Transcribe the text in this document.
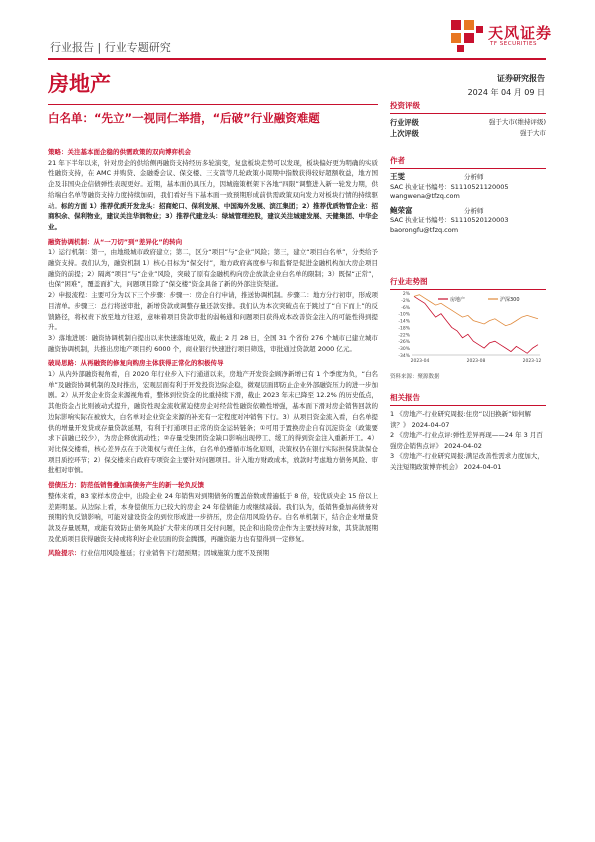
天风证券
TF SECURITIES
行业报告 | 行业专题研究
房地产	证券研究报告
2024 年 04 月 09 日
白名单：“先立”一视同仁举措，“后破”行业融资难题

策略：关注基本面企稳的供需政策的双向博弈机会
21 年下半年以来，针对房企的供给侧再融资支持经历多轮演变，复盘板块走势可以发现，板块偏好更为明确的实质性融资支持，在 AMC 并购贷、金融委会议、保交楼、三支箭等几轮政策小周期中指数获得较好超额收益，地方国企及非国央企信债弹性表现更好。近期，基本面仍具压力，因城施策框架下各地“四限”调整进入新一轮发力期，供给端白名单等融资支持力度持续加码，我们看好当下基本面一致预期形成前供需政策双向发力对板块行情的持续驱动。标的方面 1）推荐优质开发龙头：招商蛇口、保利发展、中国海外发展、滨江集团；2）推荐优质物管企业：招商积余、保利物业，建议关注华润物业；3）推荐代建龙头：绿城管理控股，建议关注城建发展、天健集团、中华企业。

融资协调机制：从“一刀切”到“差异化”的转向
1）运行机制：第一，由地级城市政府建立；第二，区分“项目”与“企业”风险；第三，建立“项目白名单”，分类给予融资支持。我们认为，融资机制 1）核心目标为“保交付”，地方政府高度参与和监督是促进金融机构加大房企项目融资的前提；2）隔离“项目”与“企业”风险，突破了原有金融机构向房企放款企业白名单的限制；3）既保“正常”，也保“困难”，覆盖面扩大，问题项目除了“保交楼”资金具备了新的外部注资渠道。
2）申报流程：主要可分为以下三个步骤：步骤一：房企自行申请，推送协调机制。步骤二：地方分行初审，形成项目清单。步骤三：总行将送审批，新增贷款或调整存量还款安排。我们认为本次突破点在于跳过了“自下而上”的反馈路径，将权责下放至地方往返，意味着项目贷款审批的弱畅通和问题项目获得成本改善资金注入的可能性得到提升。
3）落地进展：融资协调机制自提出以来快速落地见效，截止 2 月 28 日，全国 31 个省份 276 个城市已建立城市融资协调机制，共推出房地产项目约 6000 个，商业银行快速进行项目筛选，审批通过贷款超 2000 亿元。

破局思路：从再融资的修复向购房主体获得正常化的积极传导
1）从内外部融资视角看，自 2020 年行业步入下行通道以来，房地产开发资金顾净新增已有 1 个季度为负，“白名单”及融资协调机制的及时推出，宏观层面有利于开发投资边际企稳，微观层面即防止企业外部融资压力的进一步加剧。2）从开发企业资金来源视角看，整体到位资金的比重持续下滑，截止 2023 年末已降至 12.2% 的历史低点，其他资金占比则被动式提升，融资性现金流收紧迫使房企对经营性融资依赖性增强，基本面下滑对房企销售回款的边际影响实际在被放大，白名单对企业资金来源的补充有一定程度对冲销售下行。3）从项目资金流入看，白名单提供的增量开发贷或存量贷款延期，有利于打通项目正常的资金运转链条；①可用于置换房企自有沉淀资金（政策要求下前融已较少），为房企释放流动性；②存量受集团资金缺口影响出现停工、缓工的得到资金注入重新开工。4）对比保交楼看，核心差异点在于决策权与责任主体，白名单仍遵循市场化原则，决策权仍在银行实际担保贷款保仓项目质控环节；2）保交楼来自政府专项资金主要针对问题项目。计入地方财政成本，放款时考虑地方债务风险、审批相对审慎。

偿债压力：防范低销售叠加高债务产生的新一轮负反馈
整体来看，83 家样本房企中，出险企业 24 年销售对到期债务的覆盖倍数或普遍低于 8 倍，较优质央企 15 倍以上差距明显。从边际上看，本身偿债压力已较大的房企 24 年偿债能力或继续减弱。我们认为，低销售叠加高债务对预期的负反馈影响，可能对建设资金的到位形成进一步挤压，房企信用风险仍存。白名单机制下，结合企业增量贷款及存量展期，或能有效防止债务风险扩大带来的项目交付问题，民企和出险房企作为主要扶持对象，其贷款展期及优质项目获得融资支持或将利好企业层面的资金腾挪，再融资能力也有望得到一定修复。

风险提示：行业信用风险蔓延；行业销售下行超预期；因城施策力度不及预期

投资评级
行业评级	强于大市(维持评级)
上次评级	强于大市
作者
王雯	分析师
SAC 执业证书编号：S1110521120005
wangwena@tfzq.com
鲍荣富	分析师
SAC 执业证书编号：S1110520120003
baorongfu@tfzq.com
行业走势图
2%
-2%
-6%
-10%
-14%
-18%
-22%
-26%
-30%
-34%
2023-04	2023-08	2023-12
房地产	沪深300
资料来源：聚源数据
相关报告
1 《房地产-行业研究周报:住房“以旧换新”如何解读？》 2024-04-07
2 《房地产-行业点评:弹性差异再现——24 年 3 月百强房企销售点评》 2024-04-02
3 《房地产-行业研究周报:满足改善性需求力度加大，关注短期政策博弈机会》 2024-04-01
